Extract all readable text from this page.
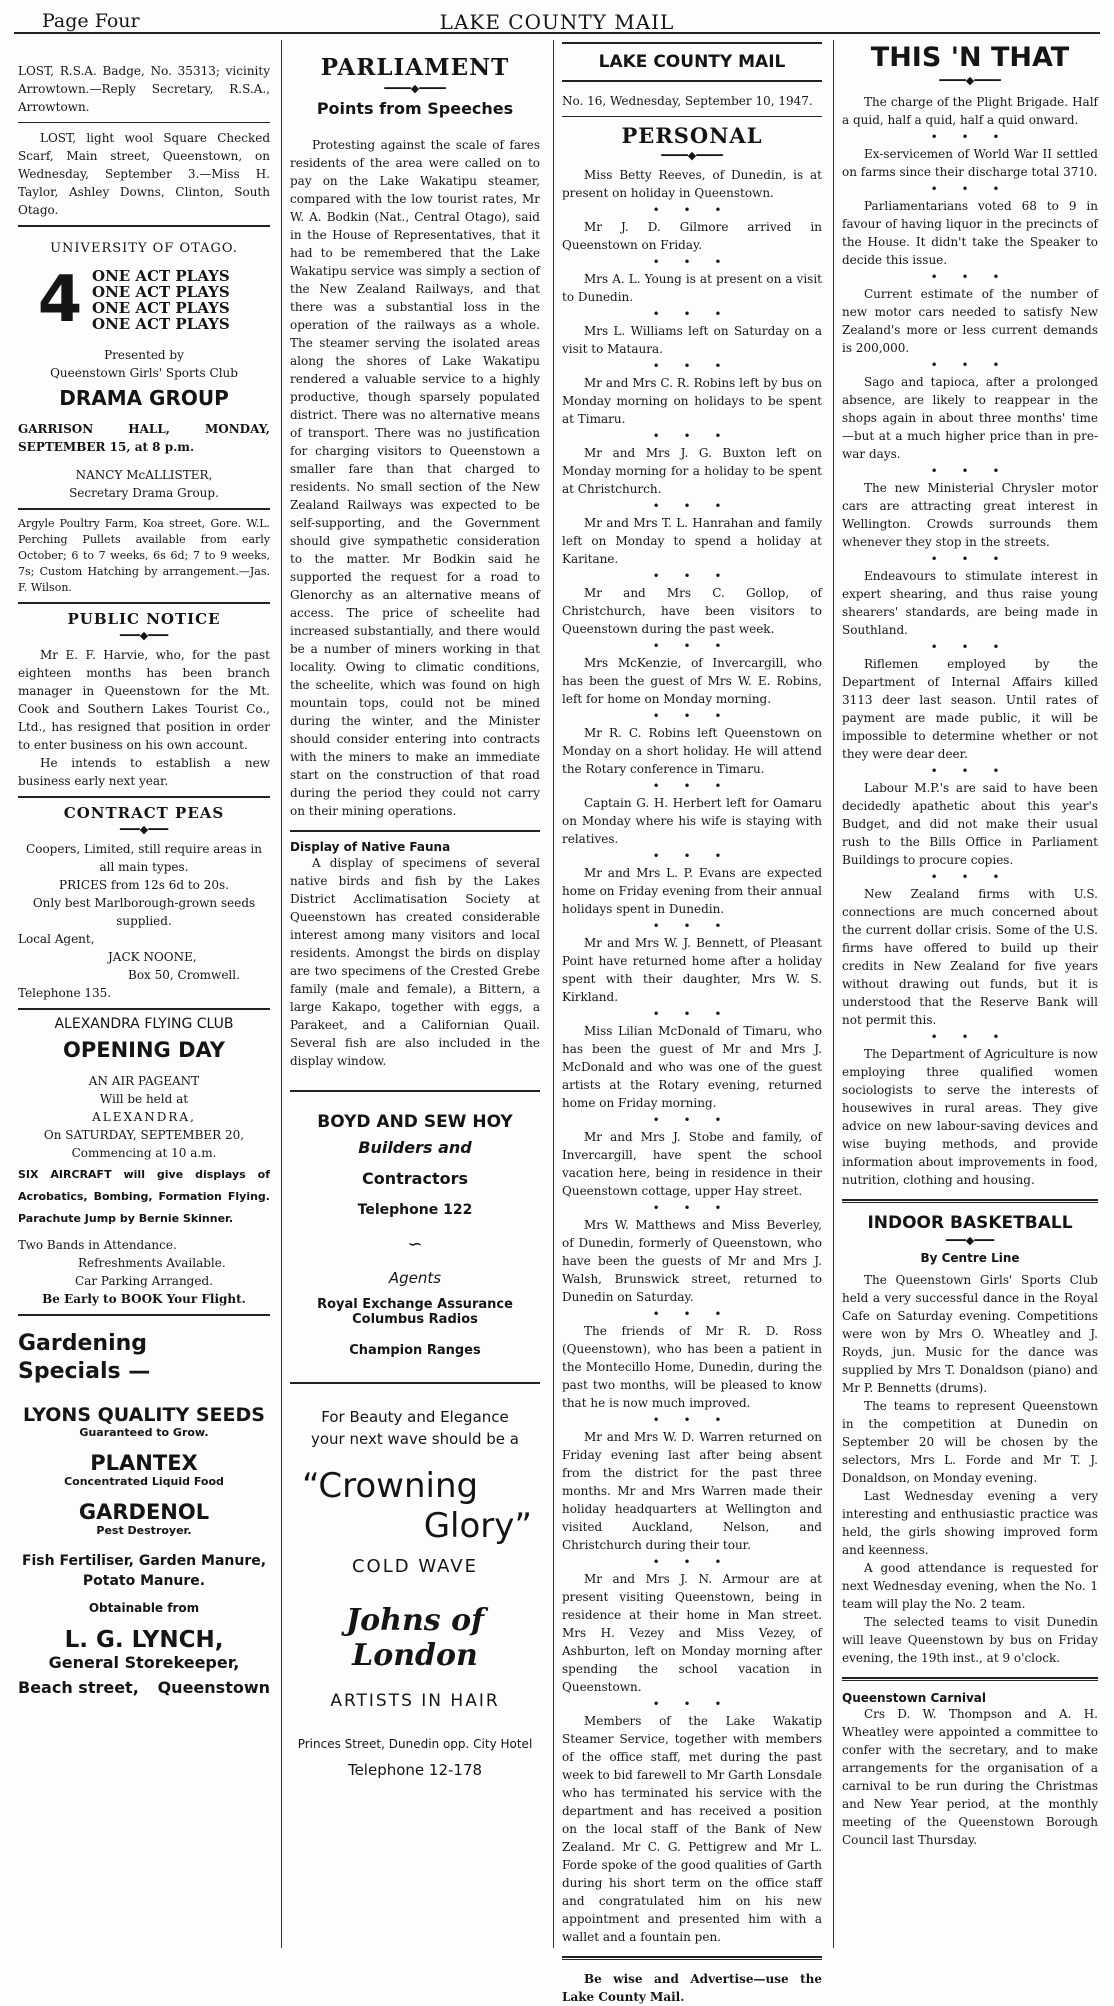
Page Four	LAKE COUNTY MAIL

LOST, R.S.A. Badge, No. 35313; vicinity Arrowtown.—Reply Secretary, R.S.A., Arrowtown.

LOST, light wool Square Checked Scarf, Main street, Queenstown, on Wednesday, September 3.—Miss H. Taylor, Ashley Downs, Clinton, South Otago.

UNIVERSITY OF OTAGO.

4 ONE ACT PLAYS
ONE ACT PLAYS
ONE ACT PLAYS
ONE ACT PLAYS

Presented by

Queenstown Girls' Sports Club

DRAMA GROUP

GARRISON HALL, MONDAY, SEPTEMBER 15, at 8 p.m.

NANCY McALLISTER,

Secretary Drama Group.

Argyle Poultry Farm, Koa street, Gore. W.L. Perching Pullets available from early October; 6 to 7 weeks, 6s 6d; 7 to 9 weeks, 7s; Custom Hatching by arrangement.—Jas. F. Wilson.

PUBLIC NOTICE

━━━◆━━━

Mr E. F. Harvie, who, for the past eighteen months has been branch manager in Queenstown for the Mt. Cook and Southern Lakes Tourist Co., Ltd., has resigned that position in order to enter business on his own account.

He intends to establish a new business early next year.

CONTRACT PEAS

━━━◆━━━

Coopers, Limited, still require areas in all main types.

PRICES from 12s 6d to 20s.

Only best Marlborough-grown seeds supplied.

Local Agent,

JACK NOONE,

Box 50, Cromwell.

Telephone 135.

ALEXANDRA FLYING CLUB

OPENING DAY

AN AIR PAGEANT

Will be held at

ALEXANDRA,

On SATURDAY, SEPTEMBER 20,

Commencing at 10 a.m.

SIX AIRCRAFT will give displays of Acrobatics, Bombing, Formation Flying. Parachute Jump by Bernie Skinner.

Two Bands in Attendance.

Refreshments Available.

Car Parking Arranged.

Be Early to BOOK Your Flight.

Gardening

Specials —

LYONS QUALITY SEEDS

Guaranteed to Grow.

PLANTEX

Concentrated Liquid Food

GARDENOL

Pest Destroyer.

Fish Fertiliser, Garden Manure, Potato Manure.

Obtainable from

L. G. LYNCH,

General Storekeeper,

Beach street, Queenstown

PARLIAMENT

━━━━◆━━━━

Points from Speeches

Protesting against the scale of fares residents of the area were called on to pay on the Lake Wakatipu steamer, compared with the low tourist rates, Mr W. A. Bodkin (Nat., Central Otago), said in the House of Representatives, that it had to be remembered that the Lake Wakatipu service was simply a section of the New Zealand Railways, and that there was a substantial loss in the operation of the railways as a whole. The steamer serving the isolated areas along the shores of Lake Wakatipu rendered a valuable service to a highly productive, though sparsely populated district. There was no alternative means of transport. There was no justification for charging visitors to Queenstown a smaller fare than that charged to residents. No small section of the New Zealand Railways was expected to be self-supporting, and the Government should give sympathetic consideration to the matter. Mr Bodkin said he supported the request for a road to Glenorchy as an alternative means of access. The price of scheelite had increased substantially, and there would be a number of miners working in that locality. Owing to climatic conditions, the scheelite, which was found on high mountain tops, could not be mined during the winter, and the Minister should consider entering into contracts with the miners to make an immediate start on the construction of that road during the period they could not carry on their mining operations.

Display of Native Fauna

A display of specimens of several native birds and fish by the Lakes District Acclimatisation Society at Queenstown has created considerable interest among many visitors and local residents. Amongst the birds on display are two specimens of the Crested Grebe family (male and female), a Bittern, a large Kakapo, together with eggs, a Parakeet, and a Californian Quail. Several fish are also included in the display window.

BOYD AND SEW HOY

Builders and

Contractors

Telephone 122

∽

Agents

Royal Exchange Assurance

Columbus Radios

Champion Ranges

For Beauty and Elegance

your next wave should be a

“Crowning

Glory”

COLD WAVE

Johns of London

ARTISTS IN HAIR

Princes Street, Dunedin opp. City Hotel

Telephone 12-178

LAKE COUNTY MAIL

No. 16, Wednesday, September 10, 1947.

PERSONAL

━━━━◆━━━━

Miss Betty Reeves, of Dunedin, is at present on holiday in Queenstown.

• • •

Mr J. D. Gilmore arrived in Queenstown on Friday.

• • •

Mrs A. L. Young is at present on a visit to Dunedin.

• • •

Mrs L. Williams left on Saturday on a visit to Mataura.

• • •

Mr and Mrs C. R. Robins left by bus on Monday morning on holidays to be spent at Timaru.

• • •

Mr and Mrs J. G. Buxton left on Monday morning for a holiday to be spent at Christchurch.

• • •

Mr and Mrs T. L. Hanrahan and family left on Monday to spend a holiday at Karitane.

• • •

Mr and Mrs C. Gollop, of Christchurch, have been visitors to Queenstown during the past week.

• • •

Mrs McKenzie, of Invercargill, who has been the guest of Mrs W. E. Robins, left for home on Monday morning.

• • •

Mr R. C. Robins left Queenstown on Monday on a short holiday. He will attend the Rotary conference in Timaru.

• • •

Captain G. H. Herbert left for Oamaru on Monday where his wife is staying with relatives.

• • •

Mr and Mrs L. P. Evans are expected home on Friday evening from their annual holidays spent in Dunedin.

• • •

Mr and Mrs W. J. Bennett, of Pleasant Point have returned home after a holiday spent with their daughter, Mrs W. S. Kirkland.

• • •

Miss Lilian McDonald of Timaru, who has been the guest of Mr and Mrs J. McDonald and who was one of the guest artists at the Rotary evening, returned home on Friday morning.

• • •

Mr and Mrs J. Stobe and family, of Invercargill, have spent the school vacation here, being in residence in their Queenstown cottage, upper Hay street.

• • •

Mrs W. Matthews and Miss Beverley, of Dunedin, formerly of Queenstown, who have been the guests of Mr and Mrs J. Walsh, Brunswick street, returned to Dunedin on Saturday.

• • •

The friends of Mr R. D. Ross (Queenstown), who has been a patient in the Montecillo Home, Dunedin, during the past two months, will be pleased to know that he is now much improved.

• • •

Mr and Mrs W. D. Warren returned on Friday evening last after being absent from the district for the past three months. Mr and Mrs Warren made their holiday headquarters at Wellington and visited Auckland, Nelson, and Christchurch during their tour.

• • •

Mr and Mrs J. N. Armour are at present visiting Queenstown, being in residence at their home in Man street. Mrs H. Vezey and Miss Vezey, of Ashburton, left on Monday morning after spending the school vacation in Queenstown.

• • •

Members of the Lake Wakatip Steamer Service, together with members of the office staff, met during the past week to bid farewell to Mr Garth Lonsdale who has terminated his service with the department and has received a position on the local staff of the Bank of New Zealand. Mr C. G. Pettigrew and Mr L. Forde spoke of the good qualities of Garth during his short term on the office staff and congratulated him on his new appointment and presented him with a wallet and a fountain pen.

Be wise and Advertise—use the Lake County Mail.

THIS 'N THAT

━━━━◆━━━━

The charge of the Plight Brigade. Half a quid, half a quid, half a quid onward.

• • •

Ex-servicemen of World War II settled on farms since their discharge total 3710.

• • •

Parliamentarians voted 68 to 9 in favour of having liquor in the precincts of the House. It didn't take the Speaker to decide this issue.

• • •

Current estimate of the number of new motor cars needed to satisfy New Zealand's more or less current demands is 200,000.

• • •

Sago and tapioca, after a prolonged absence, are likely to reappear in the shops again in about three months' time—but at a much higher price than in pre-war days.

• • •

The new Ministerial Chrysler motor cars are attracting great interest in Wellington. Crowds surrounds them whenever they stop in the streets.

• • •

Endeavours to stimulate interest in expert shearing, and thus raise young shearers' standards, are being made in Southland.

• • •

Riflemen employed by the Department of Internal Affairs killed 3113 deer last season. Until rates of payment are made public, it will be impossible to determine whether or not they were dear deer.

• • •

Labour M.P.'s are said to have been decidedly apathetic about this year's Budget, and did not make their usual rush to the Bills Office in Parliament Buildings to procure copies.

• • •

New Zealand firms with U.S. connections are much concerned about the current dollar crisis. Some of the U.S. firms have offered to build up their credits in New Zealand for five years without drawing out funds, but it is understood that the Reserve Bank will not permit this.

• • •

The Department of Agriculture is now employing three qualified women sociologists to serve the interests of housewives in rural areas. They give advice on new labour-saving devices and wise buying methods, and provide information about improvements in food, nutrition, clothing and housing.

INDOOR BASKETBALL

━━━◆━━━

By Centre Line

The Queenstown Girls' Sports Club held a very successful dance in the Royal Cafe on Saturday evening. Competitions were won by Mrs O. Wheatley and J. Royds, jun. Music for the dance was supplied by Mrs T. Donaldson (piano) and Mr P. Bennetts (drums).

The teams to represent Queenstown in the competition at Dunedin on September 20 will be chosen by the selectors, Mrs L. Forde and Mr T. J. Donaldson, on Monday evening.

Last Wednesday evening a very interesting and enthusiastic practice was held, the girls showing improved form and keenness.

A good attendance is requested for next Wednesday evening, when the No. 1 team will play the No. 2 team.

The selected teams to visit Dunedin will leave Queenstown by bus on Friday evening, the 19th inst., at 9 o'clock.

Queenstown Carnival

Crs D. W. Thompson and A. H. Wheatley were appointed a committee to confer with the secretary, and to make arrangements for the organisation of a carnival to be run during the Christmas and New Year period, at the monthly meeting of the Queenstown Borough Council last Thursday.
